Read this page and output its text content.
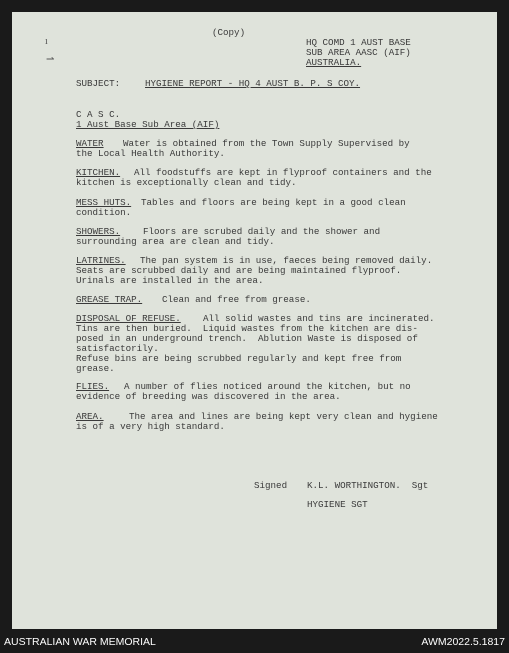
ı
⇀
(Copy)
HQ COMD 1 AUST BASE
SUB AREA AASC (AIF)
AUSTRALIA.
SUBJECT:	HYGIENE REPORT - HQ 4 AUST B. P. S COY.
C A S C.
1 Aust Base Sub Area (AIF)
WATER Water is obtained from the Town Supply Supervised by
the Local Health Authority.
KITCHEN. All foodstuffs are kept in flyproof containers and the
kitchen is exceptionally clean and tidy.
MESS HUTS. Tables and floors are being kept in a good clean
condition.
SHOWERS. Floors are scrubed daily and the shower and
surrounding area are clean and tidy.
LATRINES. The pan system is in use, faeces being removed daily.
Seats are scrubbed daily and are being maintained flyproof.
Urinals are installed in the area.
GREASE TRAP. Clean and free from grease.
DISPOSAL OF REFUSE. All solid wastes and tins are incinerated.
Tins are then buried.  Liquid wastes from the kitchen are dis-
posed in an underground trench.  Ablution Waste is disposed of
satisfactorily.
Refuse bins are being scrubbed regularly and kept free from
grease.
FLIES. A number of flies noticed around the kitchen, but no
evidence of breeding was discovered in the area.
AREA.	The area and lines are being kept very clean and hygiene
is of a very high standard.
Signed K.L. WORTHINGTON.  Sgt
HYGIENE SGT
AUSTRALIAN WAR MEMORIAL	AWM2022.5.1817
